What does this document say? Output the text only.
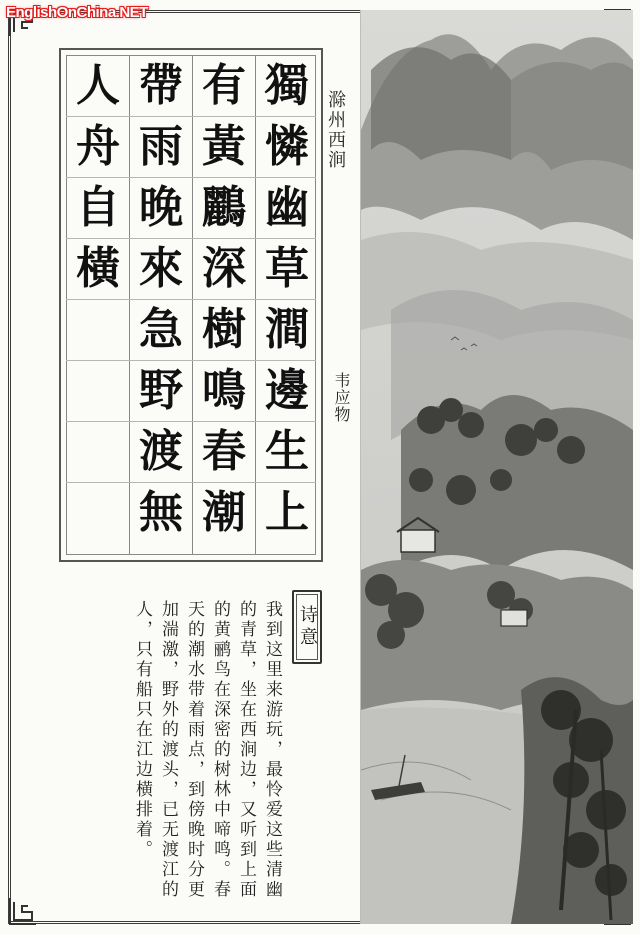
EnglishOnChina.NET
獨
憐
幽
草
澗
邊
生
上
有
黃
鸝
深
樹
鳴
春
潮
帶
雨
晚
來
急
野
渡
無
人
舟
自
橫
滁州西涧
韦应物
诗意
我到这里来游玩，最怜爱这些清幽的青草，坐在西涧边，又听到上面的黄鹂鸟在深密的树林中啼鸣。春天的潮水带着雨点，到傍晚时分更加湍激，野外的渡头，已无渡江的人，只有船只在江边横排着。
